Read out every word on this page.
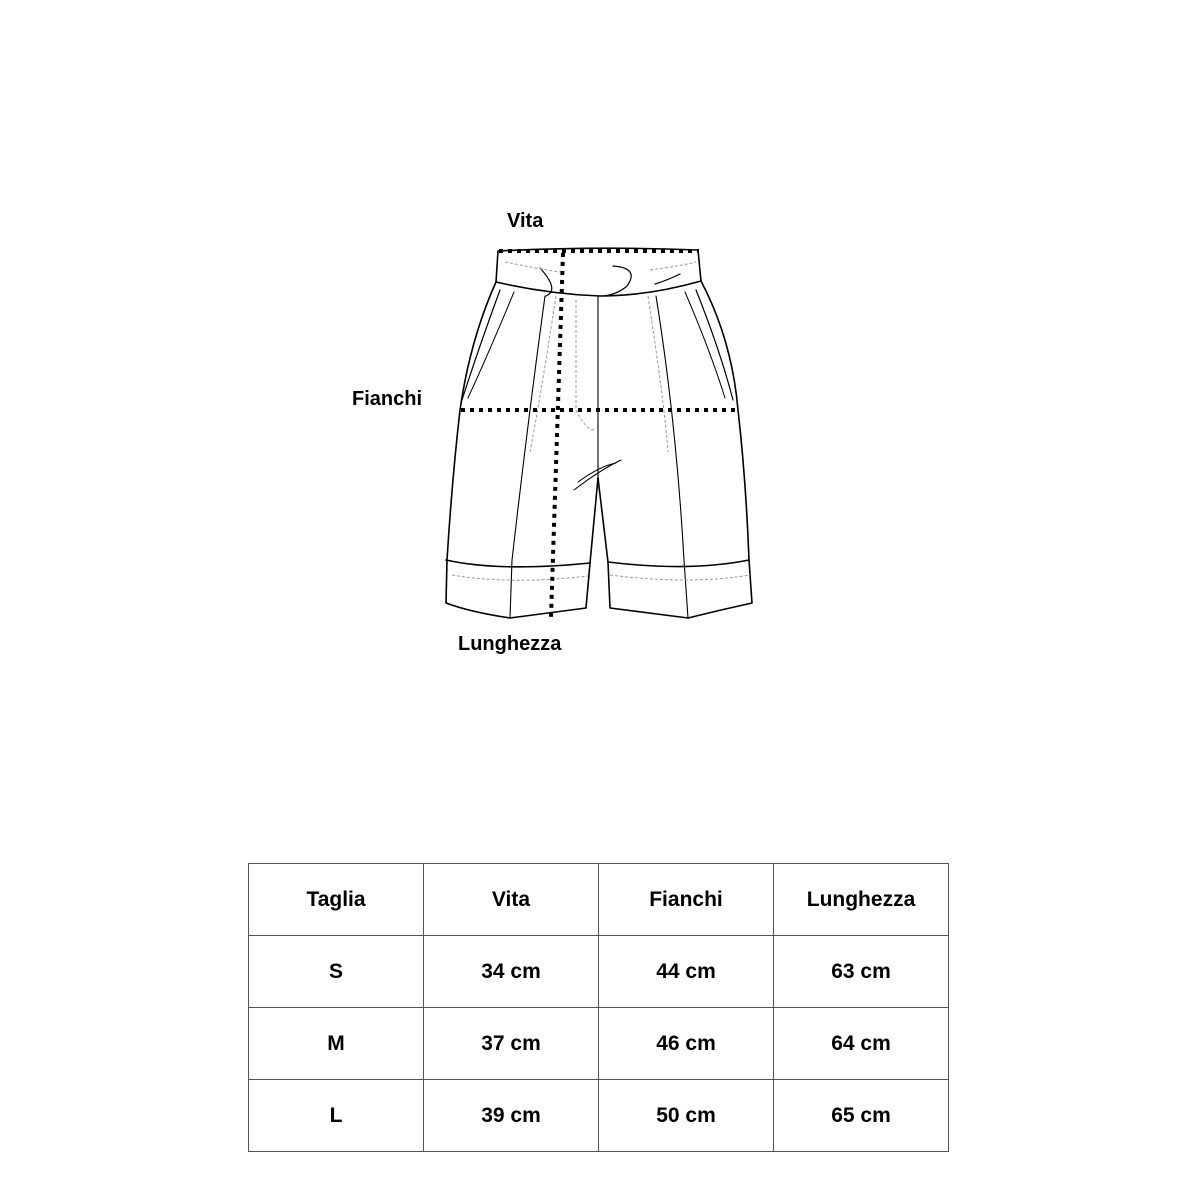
Vita
Fianchi
Lunghezza
Taglia	Vita	Fianchi	Lunghezza
S	34 cm	44 cm	63 cm
M	37 cm	46 cm	64 cm
L	39 cm	50 cm	65 cm
